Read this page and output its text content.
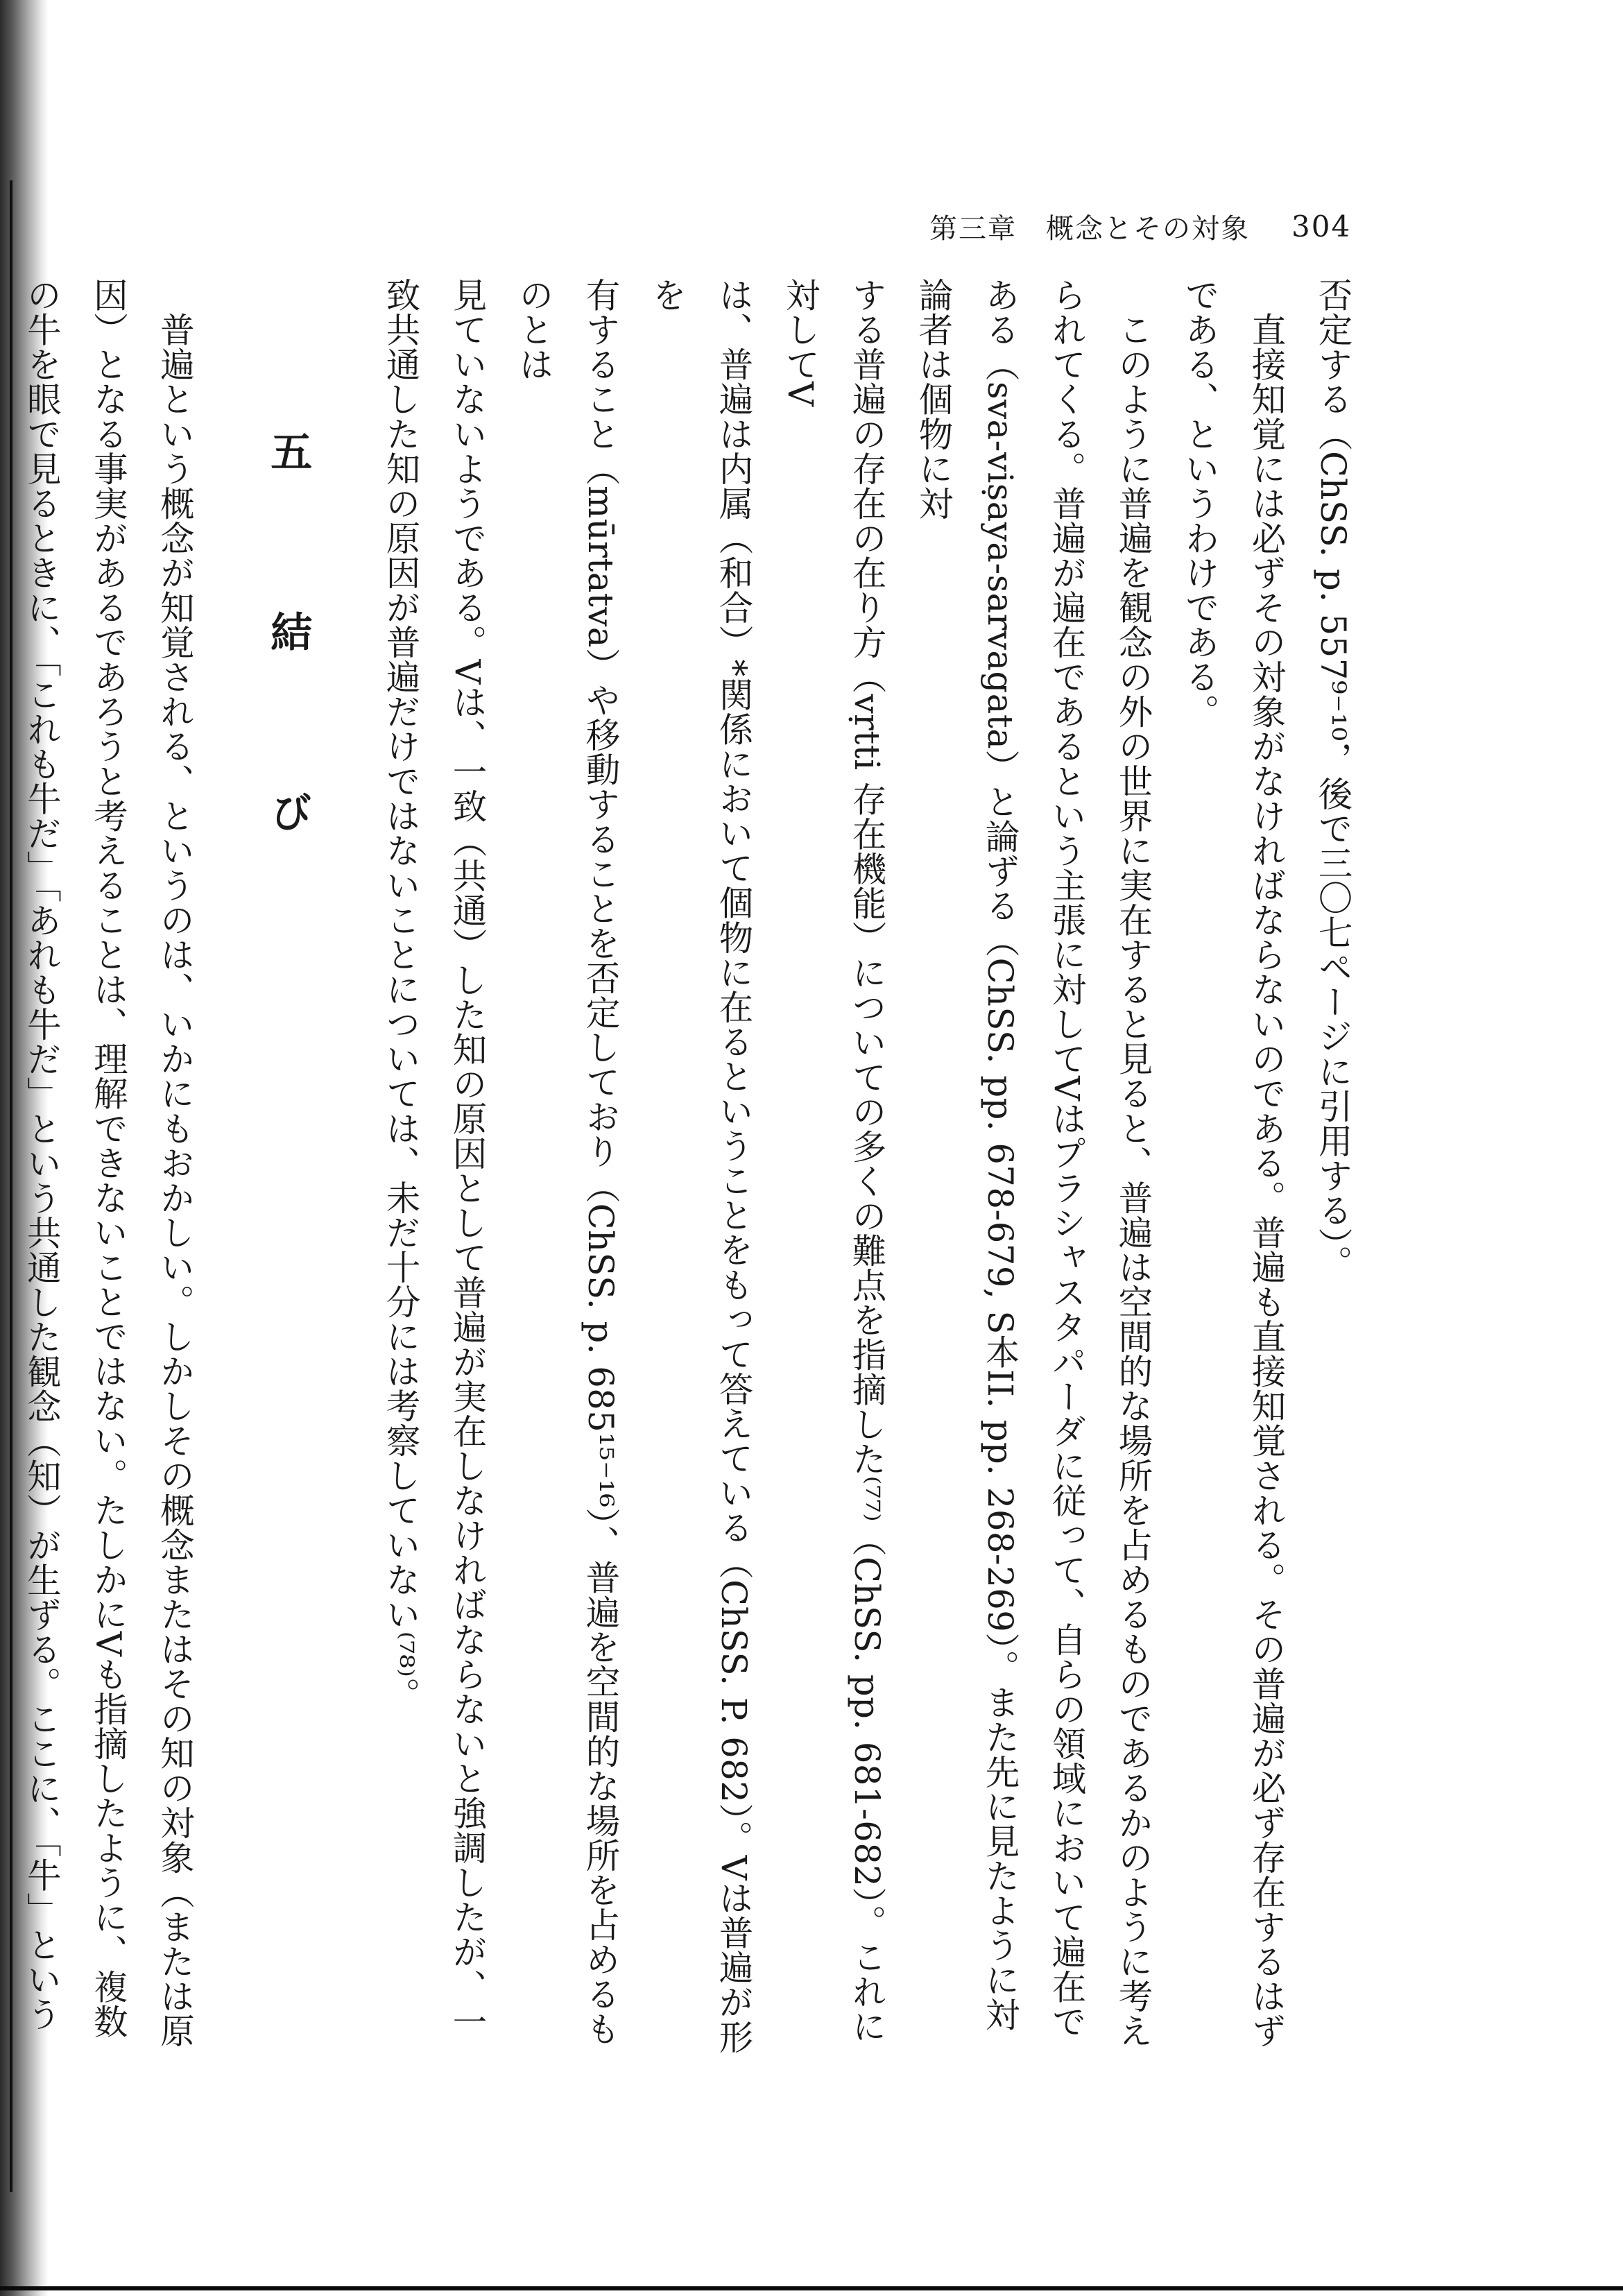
第三章　概念とその対象 304

否定する（ChSS. p. 557⁹⁻¹⁰，後で三〇七ページに引用する）。

　直接知覚には必ずその対象がなければならないのである。普遍も直接知覚される。その普遍が必ず存在するはず

である、というわけである。

　このように普遍を観念の外の世界に実在すると見ると、普遍は空間的な場所を占めるものであるかのように考え

られてくる。普遍が遍在であるという主張に対してVはプラシャスタパーダに従って、自らの領域において遍在で

ある（sva-viṣaya-sarvagata）と論ずる（ChSS. pp. 678-679, S本II. pp. 268-269）。また先に見たように対論者は個物に対

する普遍の存在の在り方（vṛtti 存在機能）についての多くの難点を指摘した⁽⁷⁷⁾（ChSS. pp. 681-682）。これに対してV

は、普遍は内属（和合）*関係において個物に在るということをもって答えている（ChSS. P. 682）。Vは普遍が形を

有すること（mūrtatva）や移動することを否定しており（ChSS. p. 685¹⁵⁻¹⁶）、普遍を空間的な場所を占めるものとは

見ていないようである。Vは、一致（共通）した知の原因として普遍が実在しなければならないと強調したが、一

致共通した知の原因が普遍だけではないことについては、未だ十分には考察していない⁽⁷⁸⁾。

五　結　び

　普遍という概念が知覚される、というのは、いかにもおかしい。しかしその概念またはその知の対象（または原

因）となる事実があるであろうと考えることは、理解できないことではない。たしかにVも指摘したように、複数

の牛を眼で見るときに、「これも牛だ」「あれも牛だ」という共通した観念（知）が生ずる。ここに、「牛」という
